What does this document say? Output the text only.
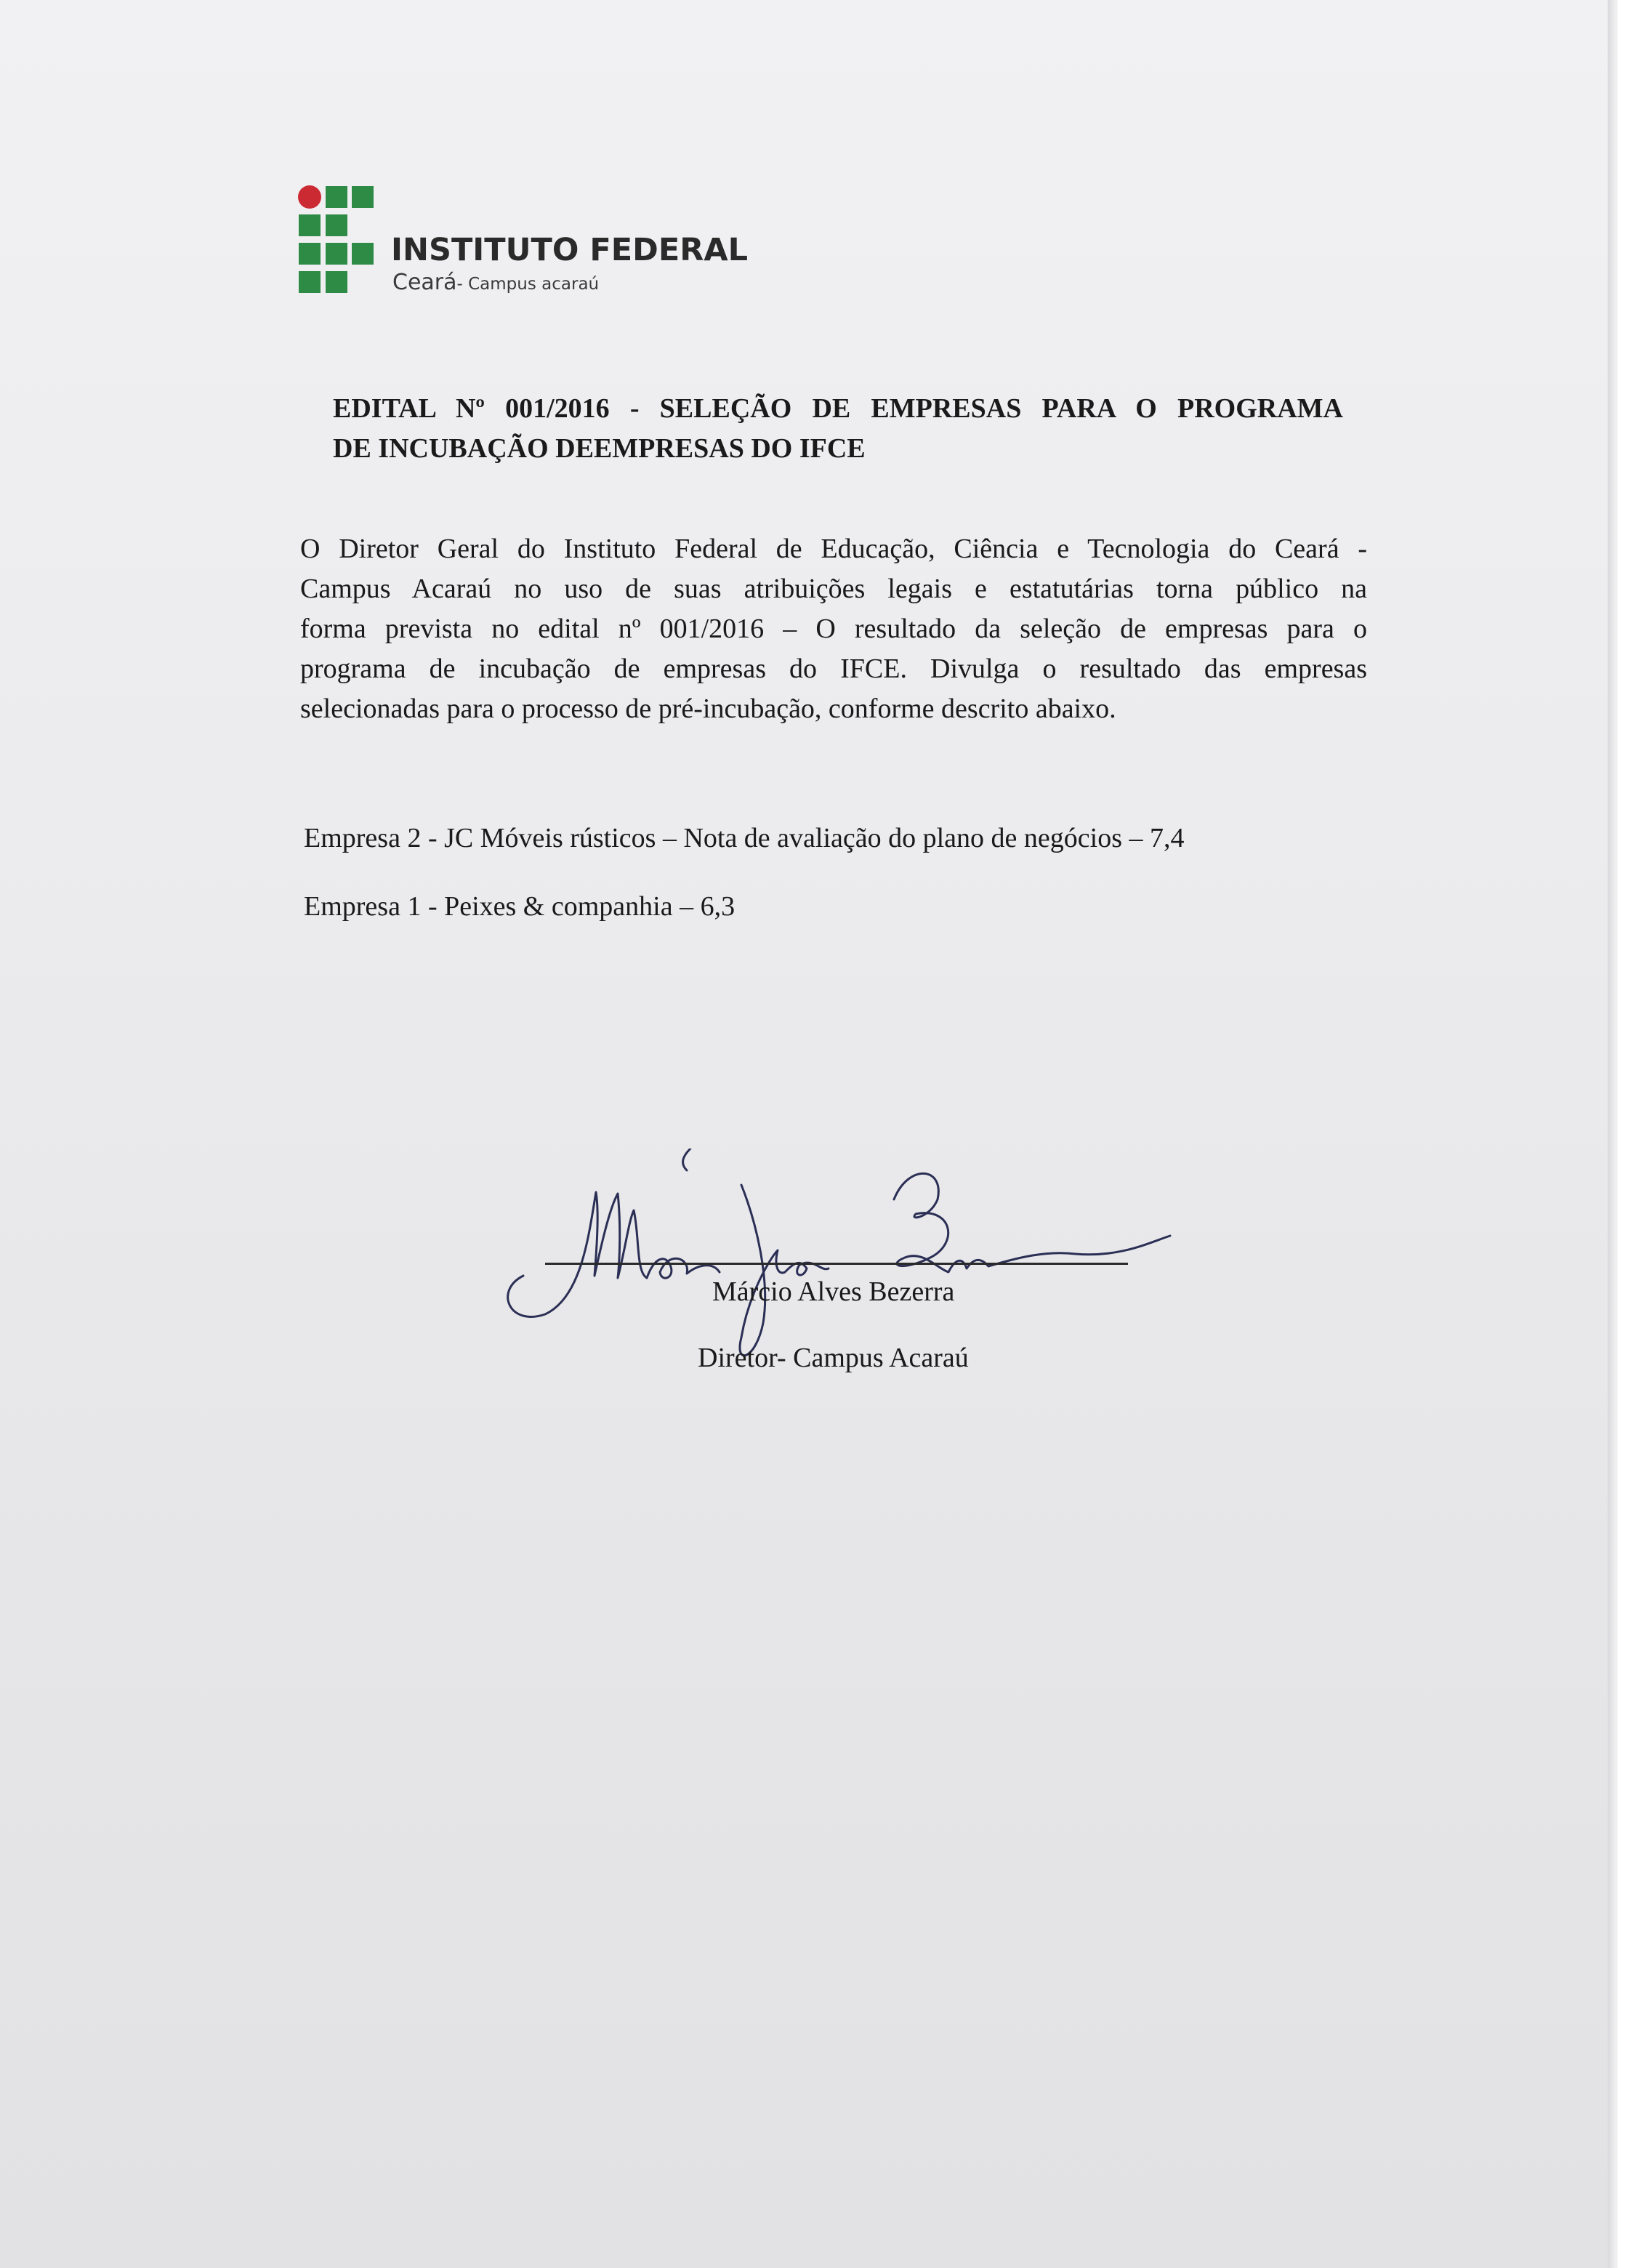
INSTITUTO FEDERAL
Ceará- Campus acaraú
EDITAL Nº 001/2016 - SELEÇÃO DE EMPRESAS PARA O PROGRAMA
DE INCUBAÇÃO DEEMPRESAS DO IFCE

O Diretor Geral do Instituto Federal de Educação, Ciência e Tecnologia do Ceará -
Campus Acaraú no uso de suas atribuições legais e estatutárias torna público na
forma prevista no edital nº 001/2016 – O resultado da seleção de empresas para o
programa de incubação de empresas do IFCE. Divulga o resultado das empresas
selecionadas para o processo de pré-incubação, conforme descrito abaixo.

Empresa 2 - JC Móveis rústicos – Nota de avaliação do plano de negócios – 7,4

Empresa 1 - Peixes & companhia – 6,3

Márcio Alves Bezerra
Diretor- Campus Acaraú
